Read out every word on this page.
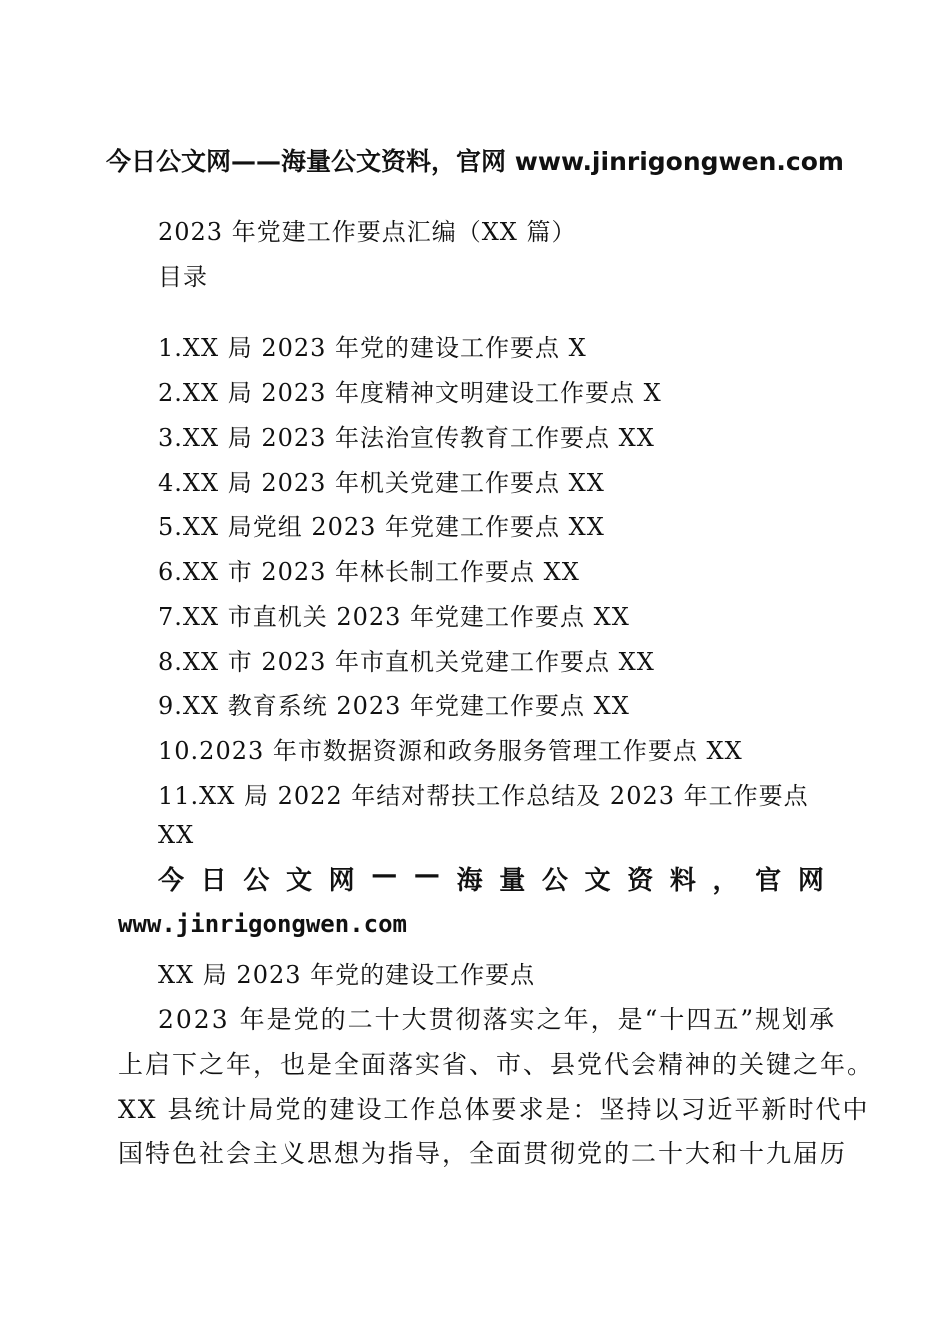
今日公文网——海量公文资料，官网 www.jinrigongwen.com
2023 年党建工作要点汇编（XX 篇）
目录
1.XX 局 2023 年党的建设工作要点 X
2.XX 局 2023 年度精神文明建设工作要点 X
3.XX 局 2023 年法治宣传教育工作要点 XX
4.XX 局 2023 年机关党建工作要点 XX
5.XX 局党组 2023 年党建工作要点 XX
6.XX 市 2023 年林长制工作要点 XX
7.XX 市直机关 2023 年党建工作要点 XX
8.XX 市 2023 年市直机关党建工作要点 XX
9.XX 教育系统 2023 年党建工作要点 XX
10.2023 年市数据资源和政务服务管理工作要点 XX
11.XX 局 2022 年结对帮扶工作总结及 2023 年工作要点
XX
今 日 公 文 网 — — 海 量 公 文 资 料 ， 官 网
www.jinrigongwen.com
XX 局 2023 年党的建设工作要点
2023 年是党的二十大贯彻落实之年，是“十四五”规划承
上启下之年，也是全面落实省、市、县党代会精神的关键之年。
XX 县统计局党的建设工作总体要求是：坚持以习近平新时代中
国特色社会主义思想为指导，全面贯彻党的二十大和十九届历
